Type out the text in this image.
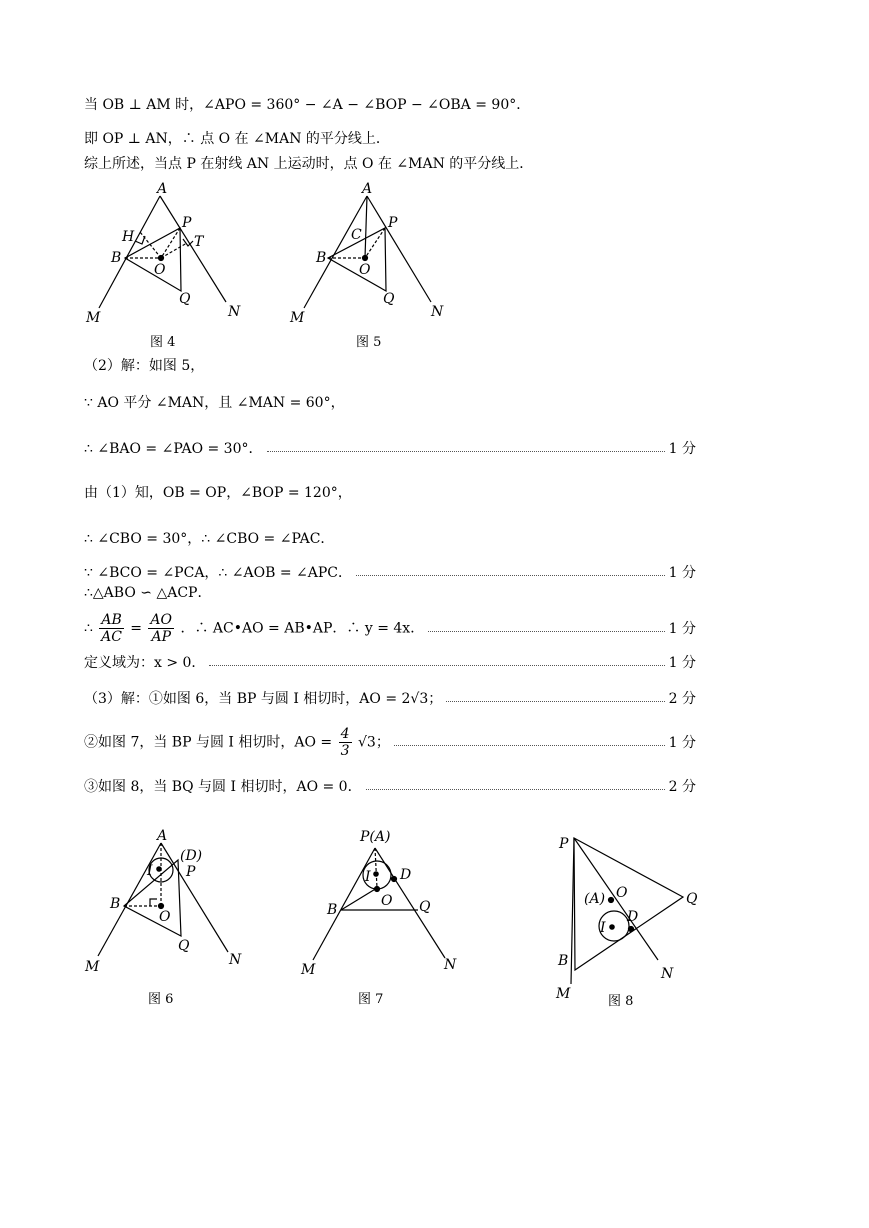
当 OB ⊥ AM 时，∠APO = 360° − ∠A − ∠BOP − ∠OBA = 90°．
即 OP ⊥ AN，∴ 点 O 在 ∠MAN 的平分线上．
综上所述，当点 P 在射线 AN 上运动时，点 O 在 ∠MAN 的平分线上．
（2）解：如图 5，
∵ AO 平分 ∠MAN，且 ∠MAN = 60°，
∴ ∠BAO = ∠PAO = 30°．	1 分
由（1）知，OB = OP，∠BOP = 120°，
∴ ∠CBO = 30°，∴ ∠CBO = ∠PAC．
∵ ∠BCO = ∠PCA，∴ ∠AOB = ∠APC．	1 分
∴△ABO ∽ △ACP．
∴ $\frac{AB}{AC} = \frac{AO}{AP}$ ．∴ AC•AO = AB•AP．∴ y = 4x．	1 分
定义域为：x > 0．	1 分
（3）解：①如图 6，当 BP 与圆 I 相切时，AO = 2√3；	2 分
②如图 7，当 BP 与圆 I 相切时，AO = $\frac{4}{3} √3$；	1 分
③如图 8，当 BQ 与圆 I 相切时，AO = 0．	2 分
图 4	图 5
图 6	图 7	图 8
A
H
P
T
B
O
Q
M	N
A
C
P
B
O
Q
M	N
A
(D)
I P
B
O
Q
M	N
P(A)
I D
B
O Q
M	N
P
Q
(A) O
I
D
B
N
M
